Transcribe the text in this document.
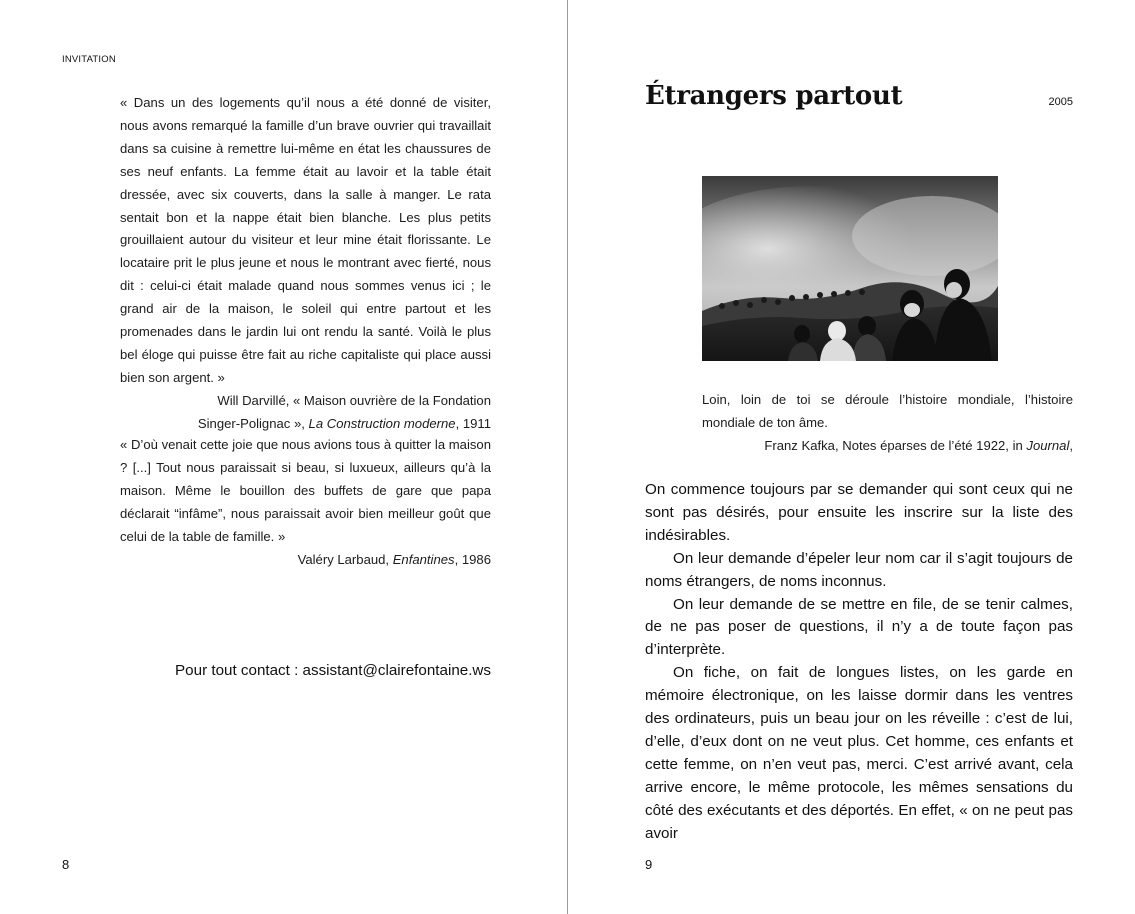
INVITATION
« Dans un des logements qu’il nous a été donné de visiter, nous avons remarqué la famille d’un brave ouvrier qui travaillait dans sa cuisine à remettre lui-même en état les chaussures de ses neuf enfants. La femme était au lavoir et la table était dressée, avec six couverts, dans la salle à manger. Le rata sentait bon et la nappe était bien blanche. Les plus petits grouillaient autour du visiteur et leur mine était florissante. Le locataire prit le plus jeune et nous le montrant avec fierté, nous dit : celui-ci était malade quand nous sommes venus ici ; le grand air de la maison, le soleil qui entre partout et les promenades dans le jardin lui ont rendu la santé. Voilà le plus bel éloge qui puisse être fait au riche capitaliste qui place aussi bien son argent. »
Will Darvillé, « Maison ouvrière de la Fondation
Singer-Polignac », La Construction moderne, 1911
« D’où venait cette joie que nous avions tous à quitter la maison ? [...] Tout nous paraissait si beau, si luxueux, ailleurs qu’à la maison. Même le bouillon des buffets de gare que papa déclarait “infâme”, nous paraissait avoir bien meilleur goût que celui de la table de famille. »
Valéry Larbaud, Enfantines, 1986
Pour tout contact : assistant@clairefontaine.ws
8
Étrangers partout	2005
Loin, loin de toi se déroule l’histoire mondiale, l’histoire mondiale de ton âme.
Franz Kafka, Notes éparses de l’été 1922, in Journal,

On commence toujours par se demander qui sont ceux qui ne sont pas désirés, pour ensuite les inscrire sur la liste des indésirables.

On leur demande d’épeler leur nom car il s’agit toujours de noms étrangers, de noms inconnus.

On leur demande de se mettre en file, de se tenir calmes, de ne pas poser de questions, il n’y a de toute façon pas d’interprète.

On fiche, on fait de longues listes, on les garde en mémoire électronique, on les laisse dormir dans les ventres des ordinateurs, puis un beau jour on les réveille : c’est de lui, d’elle, d’eux dont on ne veut plus. Cet homme, ces enfants et cette femme, on n’en veut pas, merci. C’est arrivé avant, cela arrive encore, le même protocole, les mêmes sensations du côté des exécutants et des déportés. En effet, « on ne peut pas avoir

9
